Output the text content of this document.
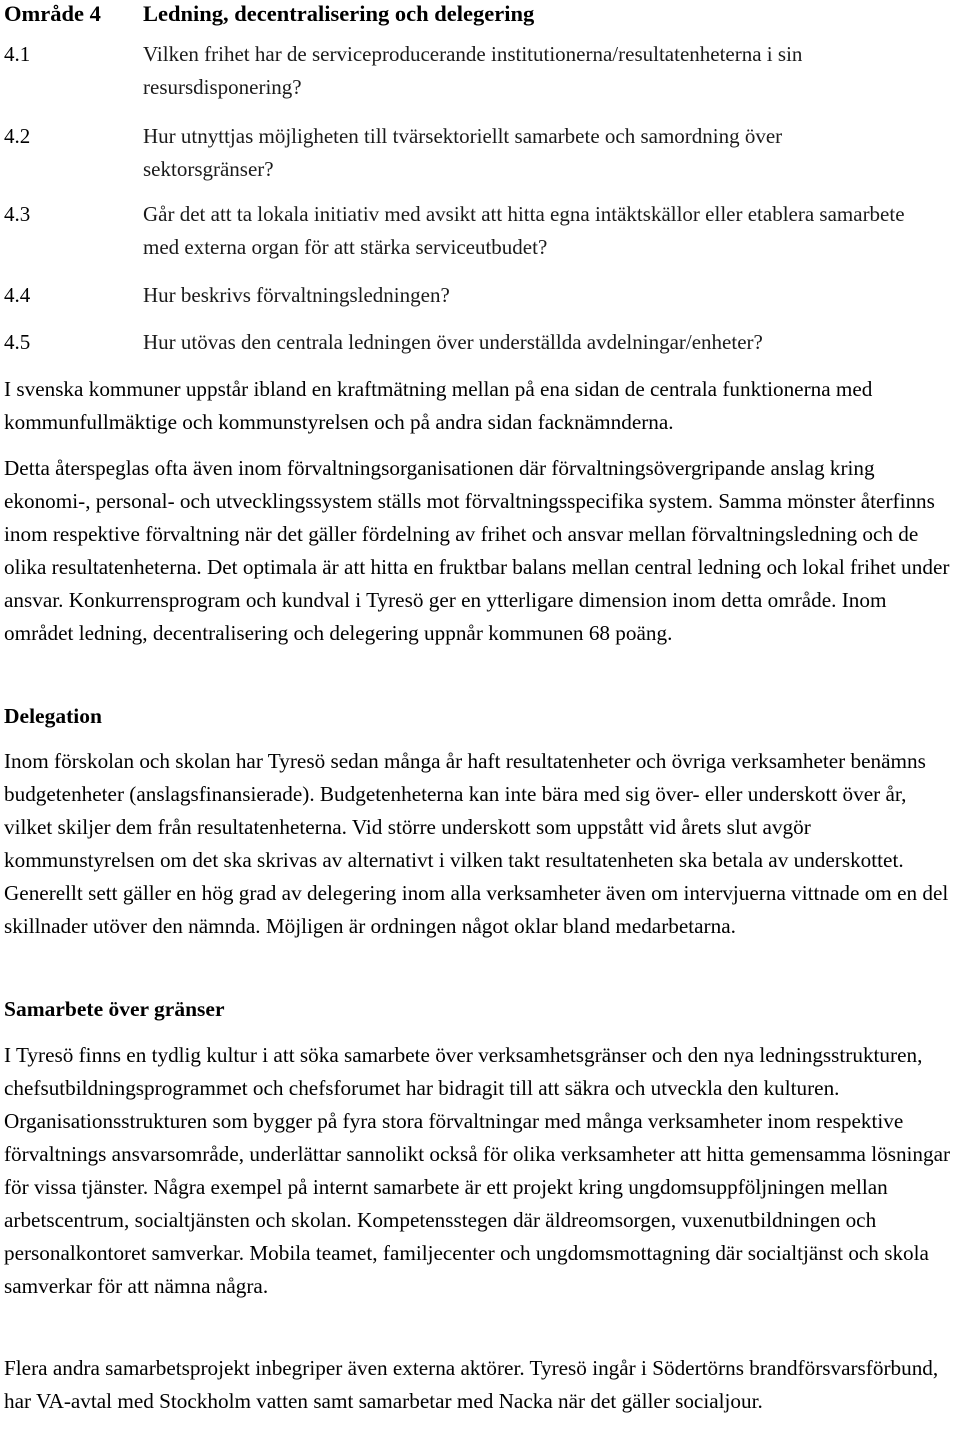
Område 4 Ledning, decentralisering och delegering
4.1	Vilken frihet har de serviceproducerande institutionerna/resultatenheterna i sin resursdisponering?
4.2	Hur utnyttjas möjligheten till tvärsektoriellt samarbete och samordning över sektorsgränser?
4.3	Går det att ta lokala initiativ med avsikt att hitta egna intäktskällor eller etablera samarbete med externa organ för att stärka serviceutbudet?
4.4	Hur beskrivs förvaltningsledningen?
4.5	Hur utövas den centrala ledningen över underställda avdelningar/enheter?
I svenska kommuner uppstår ibland en kraftmätning mellan på ena sidan de centrala funktionerna med kommunfullmäktige och kommunstyrelsen och på andra sidan facknämnderna.
Detta återspeglas ofta även inom förvaltningsorganisationen där förvaltningsövergripande anslag kring ekonomi-, personal- och utvecklingssystem ställs mot förvaltningsspecifika system. Samma mönster återfinns inom respektive förvaltning när det gäller fördelning av frihet och ansvar mellan förvaltningsledning och de olika resultatenheterna. Det optimala är att hitta en fruktbar balans mellan central ledning och lokal frihet under ansvar. Konkurrensprogram och kundval i Tyresö ger en ytterligare dimension inom detta område. Inom området ledning, decentralisering och delegering uppnår kommunen 68 poäng.
Delegation
Inom förskolan och skolan har Tyresö sedan många år haft resultatenheter och övriga verksamheter benämns budgetenheter (anslagsfinansierade). Budgetenheterna kan inte bära med sig över- eller underskott över år, vilket skiljer dem från resultatenheterna. Vid större underskott som uppstått vid årets slut avgör kommunstyrelsen om det ska skrivas av alternativt i vilken takt resultatenheten ska betala av underskottet. Generellt sett gäller en hög grad av delegering inom alla verksamheter även om intervjuerna vittnade om en del skillnader utöver den nämnda. Möjligen är ordningen något oklar bland medarbetarna.
Samarbete över gränser
I Tyresö finns en tydlig kultur i att söka samarbete över verksamhetsgränser och den nya ledningsstrukturen, chefsutbildningsprogrammet och chefsforumet har bidragit till att säkra och utveckla den kulturen. Organisationsstrukturen som bygger på fyra stora förvaltningar med många verksamheter inom respektive förvaltnings ansvarsområde, underlättar sannolikt också för olika verksamheter att hitta gemensamma lösningar för vissa tjänster. Några exempel på internt samarbete är ett projekt kring ungdomsuppföljningen mellan arbetscentrum, socialtjänsten och skolan. Kompetensstegen där äldreomsorgen, vuxenutbildningen och personalkontoret samverkar. Mobila teamet, familjecenter och ungdomsmottagning där socialtjänst och skola samverkar för att nämna några.
Flera andra samarbetsprojekt inbegriper även externa aktörer. Tyresö ingår i Södertörns brandförsvarsförbund, har VA-avtal med Stockholm vatten samt samarbetar med Nacka när det gäller socialjour.
